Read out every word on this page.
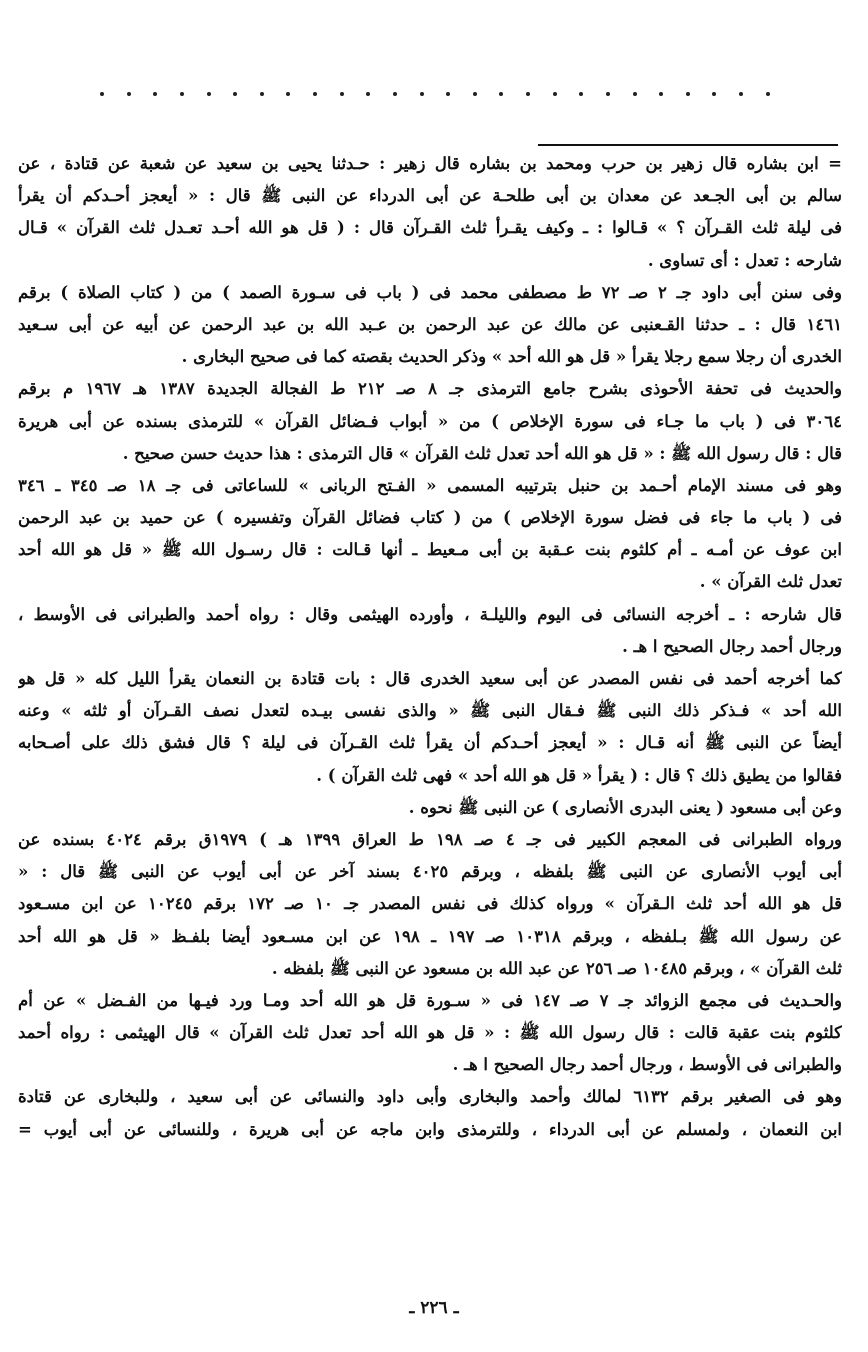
= ابن بشاره قال زهير بن حرب ومحمد بن بشاره قال زهير : حـدثنا يحيى بن سعيد عن شعبة عن قتادة ، عن
سالم بن أبى الجـعد عن معدان بن أبى طلحـة عن أبى الدرداء عن النبى ﷺ قال : « أيعجز أحـدكم أن يقرأ
فى ليلة ثلث القـرآن ؟ » قـالوا : ـ وكيف يقـرأ ثلث القـرآن قال : ( قل هو الله أحـد تعـدل ثلث القرآن » قـال
شارحه : تعدل : أى تساوى .
وفى سنن أبى داود جـ ٢ صـ ٧٢ ط مصطفى محمد فى ( باب فى سـورة الصمد ) من ( كتاب الصلاة ) برقم
١٤٦١ قال : ـ حدثنا القـعنبى عن مالك عن عبد الرحمن بن عـبد الله بن عبد الرحمن عن أبيه عن أبى سـعيد
الخدرى أن رجلا سمع رجلا يقرأ « قل هو الله أحد » وذكر الحديث بقصته كما فى صحيح البخارى .
والحديث فى تحفة الأحوذى بشرح جامع الترمذى جـ ٨ صـ ٢١٢ ط الفجالة الجديدة ١٣٨٧ هـ ١٩٦٧ م برقم
٣٠٦٤ فى ( باب ما جـاء فى سورة الإخلاص ) من « أبواب فـضائل القرآن » للترمذى بسنده عن أبى هريرة
قال : قال رسول الله ﷺ : « قل هو الله أحد تعدل ثلث القرآن » قال الترمذى : هذا حديث حسن صحيح .
وهو فى مسند الإمام أحـمد بن حنبل بترتيبه المسمى « الفـتح الربانى » للساعاتى فى جـ ١٨ صـ ٣٤٥ ـ ٣٤٦
فى ( باب ما جاء فى فضل سورة الإخلاص ) من ( كتاب فضائل القرآن وتفسيره ) عن حميد بن عبد الرحمن
ابن عوف عن أمـه ـ أم كلثوم بنت عـقبة بن أبى مـعيط ـ أنها قـالت : قال رسـول الله ﷺ « قل هو الله أحد
تعدل ثلث القرآن » .
قال شارحه : ـ أخرجه النسائى فى اليوم والليلـة ، وأورده الهيثمى وقال : رواه أحمد والطبرانى فى الأوسط ،
ورجال أحمد رجال الصحيح ا هـ .
كما أخرجه أحمد فى نفس المصدر عن أبى سعيد الخدرى قال : بات قتادة بن النعمان يقرأ الليل كله « قل هو
الله أحد » فـذكر ذلك النبى ﷺ فـقال النبى ﷺ « والذى نفسى بيـده لتعدل نصف القـرآن أو ثلثه » وعنه
أيضاً عن النبى ﷺ أنه قـال : « أيعجز أحـدكم أن يقرأ ثلث القـرآن فى ليلة ؟ قال فشق ذلك على أصـحابه
فقالوا من يطيق ذلك ؟ قال : ( يقرأ « قل هو الله أحد » فهى ثلث القرآن ) .
وعن أبى مسعود ( يعنى البدرى الأنصارى ) عن النبى ﷺ نحوه .
ورواه الطبرانى فى المعجم الكبير فى جـ ٤ صـ ١٩٨ ط العراق ١٣٩٩ هـ ) ١٩٧٩ق برقم ٤٠٢٤ بسنده عن
أبى أيوب الأنصارى عن النبى ﷺ بلفظه ، وبرقم ٤٠٢٥ بسند آخر عن أبى أيوب عن النبى ﷺ قال : «
قل هو الله أحد ثلث الـقرآن » ورواه كذلك فى نفس المصدر جـ ١٠ صـ ١٧٢ برقم ١٠٢٤٥ عن ابن مسـعود
عن رسول الله ﷺ بـلفظه ، وبرقم ١٠٣١٨ صـ ١٩٧ ـ ١٩٨ عن ابن مسـعود أيضا بلفـظ « قل هو الله أحد
ثلث القرآن » ، وبرقم ١٠٤٨٥ صـ ٢٥٦ عن عبد الله بن مسعود عن النبى ﷺ بلفظه .
والحـديث فى مجمع الزوائد جـ ٧ صـ ١٤٧ فى « سـورة قل هو الله أحد ومـا ورد فيـها من الفـضل » عن أم
كلثوم بنت عقبة قالت : قال رسول الله ﷺ : « قل هو الله أحد تعدل ثلث القرآن » قال الهيثمى : رواه أحمد
والطبرانى فى الأوسط ، ورجال أحمد رجال الصحيح ا هـ .
وهو فى الصغير برقم ٦١٣٢ لمالك وأحمد والبخارى وأبى داود والنسائى عن أبى سعيد ، وللبخارى عن قتادة
ابن النعمان ، ولمسلم عن أبى الدرداء ، وللترمذى وابن ماجه عن أبى هريرة ، وللنسائى عن أبى أيوب =
ـ ٢٢٦ ـ
